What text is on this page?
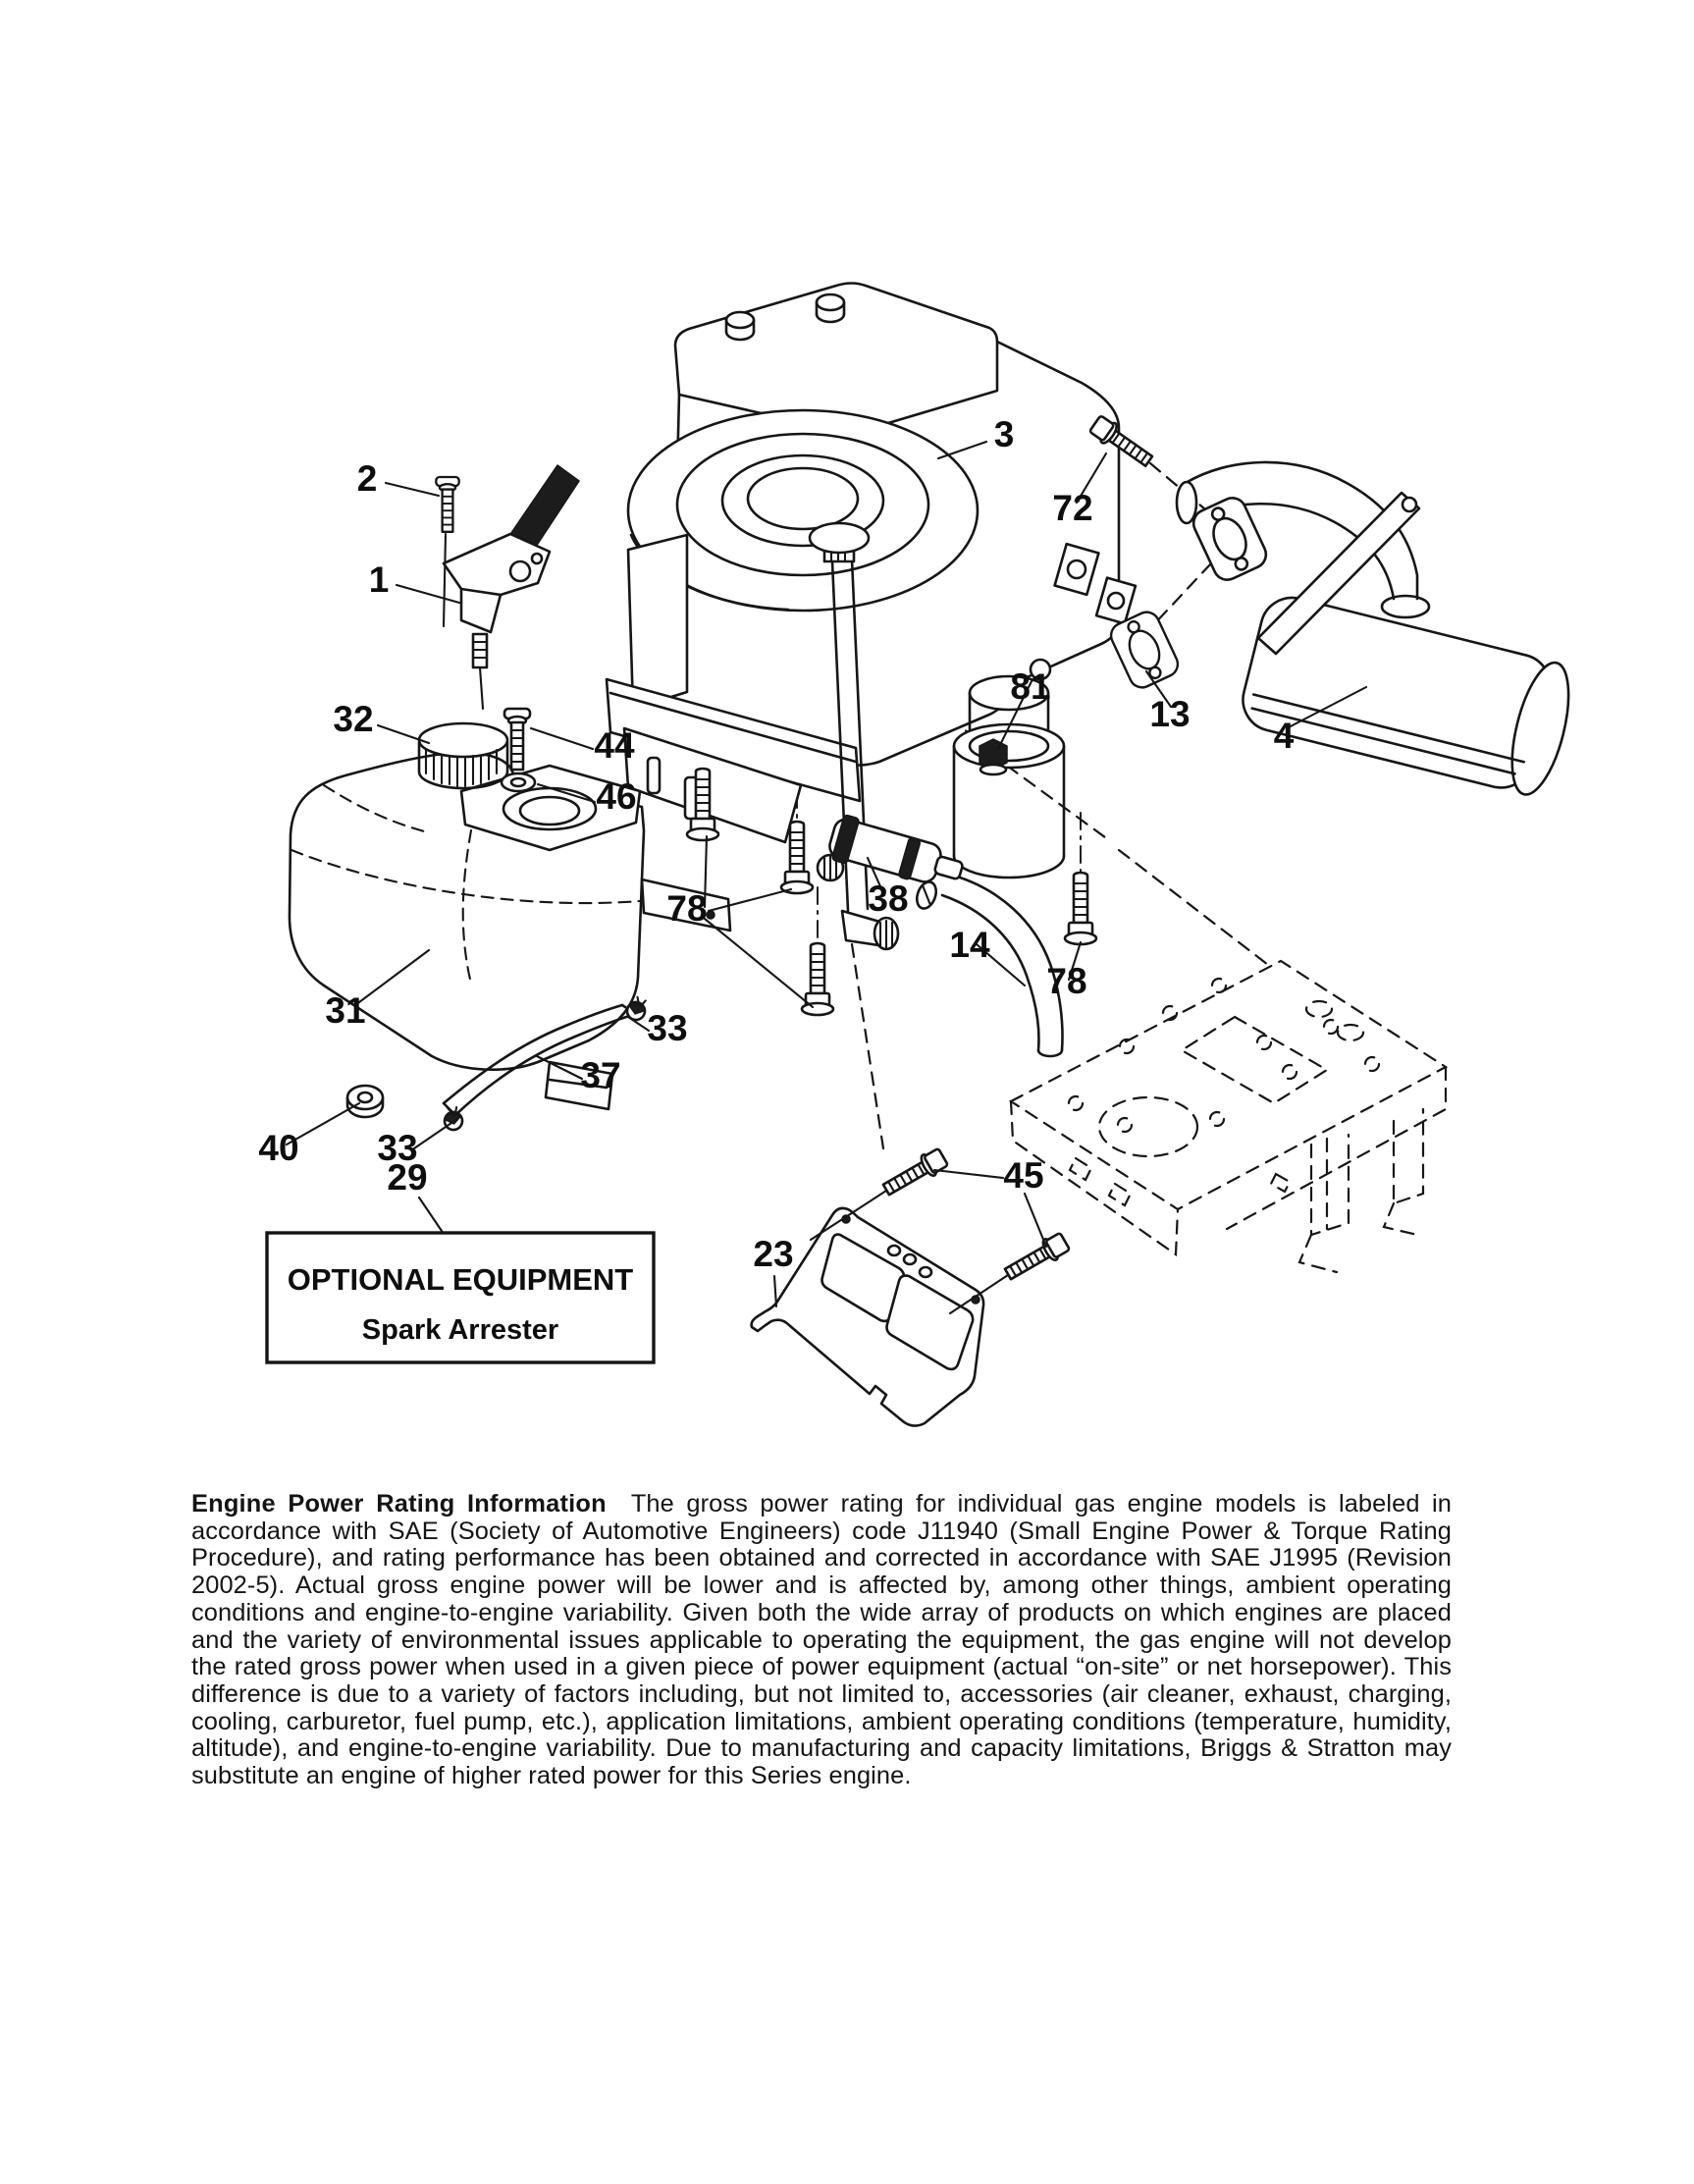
2
1
3
72
81
13
4
32
44
46
31	33
37
40 33
29
78	38
14
78
23
45
OPTIONAL EQUIPMENT
Spark Arrester
Engine Power Rating Information The gross power rating for individual gas engine models is labeled in accordance with SAE (Society of Automotive Engineers) code J11940 (Small Engine Power & Torque Rating Procedure), and rating performance has been obtained and corrected in accordance with SAE J1995 (Revision 2002-5). Actual gross engine power will be lower and is affected by, among other things, ambient operating conditions and engine-to-engine variability. Given both the wide array of products on which engines are placed and the variety of environmental issues applicable to operating the equipment, the gas engine will not develop the rated gross power when used in a given piece of power equipment (actual “on-site” or net horsepower). This difference is due to a variety of factors including, but not limited to, accessories (air cleaner, exhaust, charging, cooling, carburetor, fuel pump, etc.), application limitations, ambient operating conditions (temperature, humidity, altitude), and engine-to-engine variability. Due to manufacturing and capacity limitations, Briggs & Stratton may substitute an engine of higher rated power for this Series engine.
